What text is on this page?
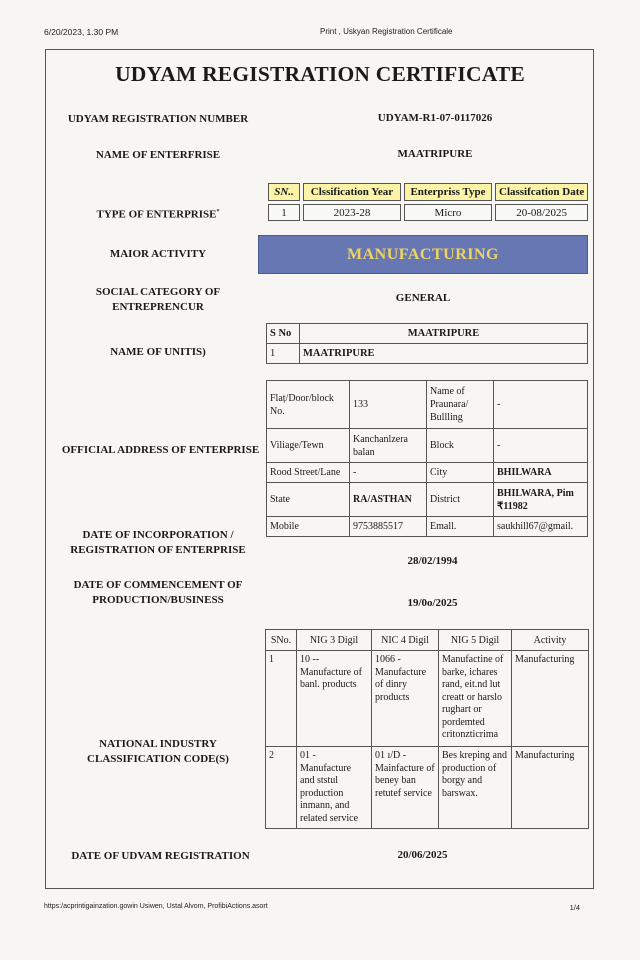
6/20/2023, 1.30 PM	Print , Uskyan Registration Certificale
UDYAM REGISTRATION CERTIFICATE
UDYAM REGISTRATION NUMBER	UDYAM-R1-07-0117026
NAME OF ENTERFRISE	MAATRIPURE
TYPE OF ENTERPRISE*
SN..	Clssification Year	Enterpriss Type	Classifcation Date
1	2023-28	Micro	20-08/2025
MAIOR ACTIVITY	MANUFACTURING
SOCIAL CATEGORY OF
ENTREPRENCUR
GENERAL
NAME OF UNITIS)
S No	MAATRIPURE
1	MAATRIPURE
OFFICIAL ADDRESS OF ENTERPRISE
Flaț/Door/block No.	133	Name of Praunara/ Bullling	-
Viliage/Tewn	Kanchanlzera balan	Block	-
Rood Street/Lane	-	City	BHILWARA
State	RA/ASTHAN	District	BHILWARA, Pim ₹11982
Mobile	9753885517	Emall.	saukhill67@gmail.
DATE OF INCORPORATION /
REGISTRATION OF ENTERPRISE
28/02/1994
DATE OF COMMENCEMENT OF
PRODUCTION/BUSINESS	19/0o/2025
NATIONAL INDUSTRY
CLASSIFICATION CODE(S)
SNo.	NIG 3 Digil	NIC 4 Digil	NIG 5 Digil	Activity
1	10 -- Manufacture of banl. products	1066 - Manufacture of dinry products	Manufactine of barke, ichares rand, eit.nd lut creatt or harslo rughart or pordemted critonzticrima	Manufacturing
2	01 - Manufacture and ststul production inmann, and related service	01 ı/D - Mainfacture of beney ban retutef service	Bes kreping and production of borgy and barswax.	Manufacturing
DATE OF UDVAM REGISTRATION	20/06/2025
https:/acprintigainzation.gowin Usiwen, Ustal Alvom, ProfibiActions.asort	1/4
